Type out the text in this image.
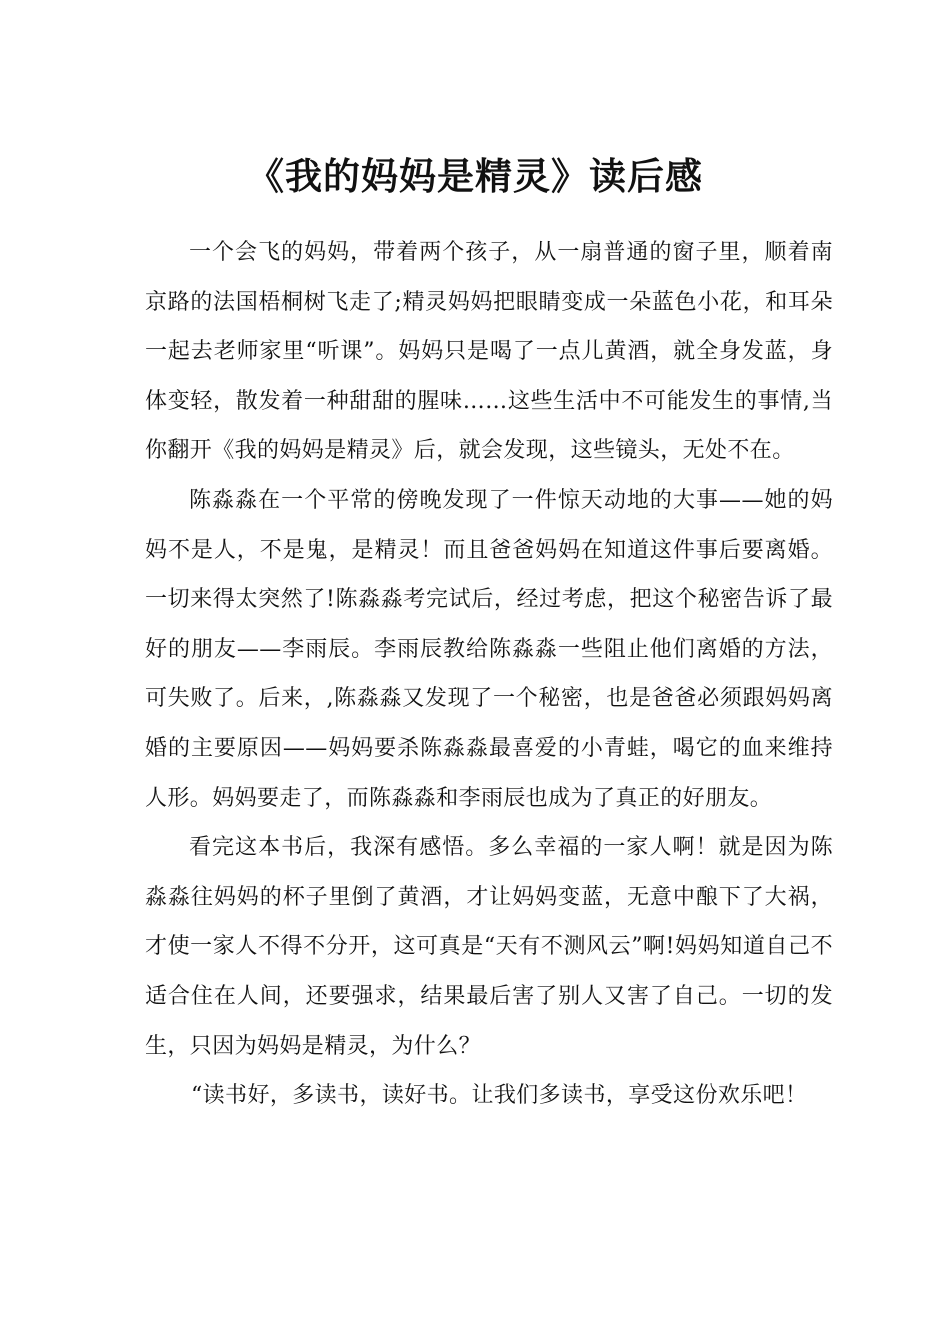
《我的妈妈是精灵》读后感

一个会飞的妈妈，带着两个孩子，从一扇普通的窗子里，顺着南京路的法国梧桐树飞走了;精灵妈妈把眼睛变成一朵蓝色小花，和耳朵一起去老师家里“听课”。妈妈只是喝了一点儿黄酒，就全身发蓝，身体变轻，散发着一种甜甜的腥味……这些生活中不可能发生的事情,当你翻开《我的妈妈是精灵》后，就会发现，这些镜头，无处不在。

陈淼淼在一个平常的傍晚发现了一件惊天动地的大事——她的妈妈不是人，不是鬼，是精灵！而且爸爸妈妈在知道这件事后要离婚。一切来得太突然了!陈淼淼考完试后，经过考虑，把这个秘密告诉了最好的朋友——李雨辰。李雨辰教给陈淼淼一些阻止他们离婚的方法，可失败了。后来，,陈淼淼又发现了一个秘密，也是爸爸必须跟妈妈离婚的主要原因——妈妈要杀陈淼淼最喜爱的小青蛙，喝它的血来维持人形。妈妈要走了，而陈淼淼和李雨辰也成为了真正的好朋友。

看完这本书后，我深有感悟。多么幸福的一家人啊！就是因为陈淼淼往妈妈的杯子里倒了黄酒，才让妈妈变蓝，无意中酿下了大祸，才使一家人不得不分开，这可真是“天有不测风云”啊!妈妈知道自己不适合住在人间，还要强求，结果最后害了别人又害了自己。一切的发生，只因为妈妈是精灵，为什么？

“读书好，多读书，读好书。让我们多读书，享受这份欢乐吧！
